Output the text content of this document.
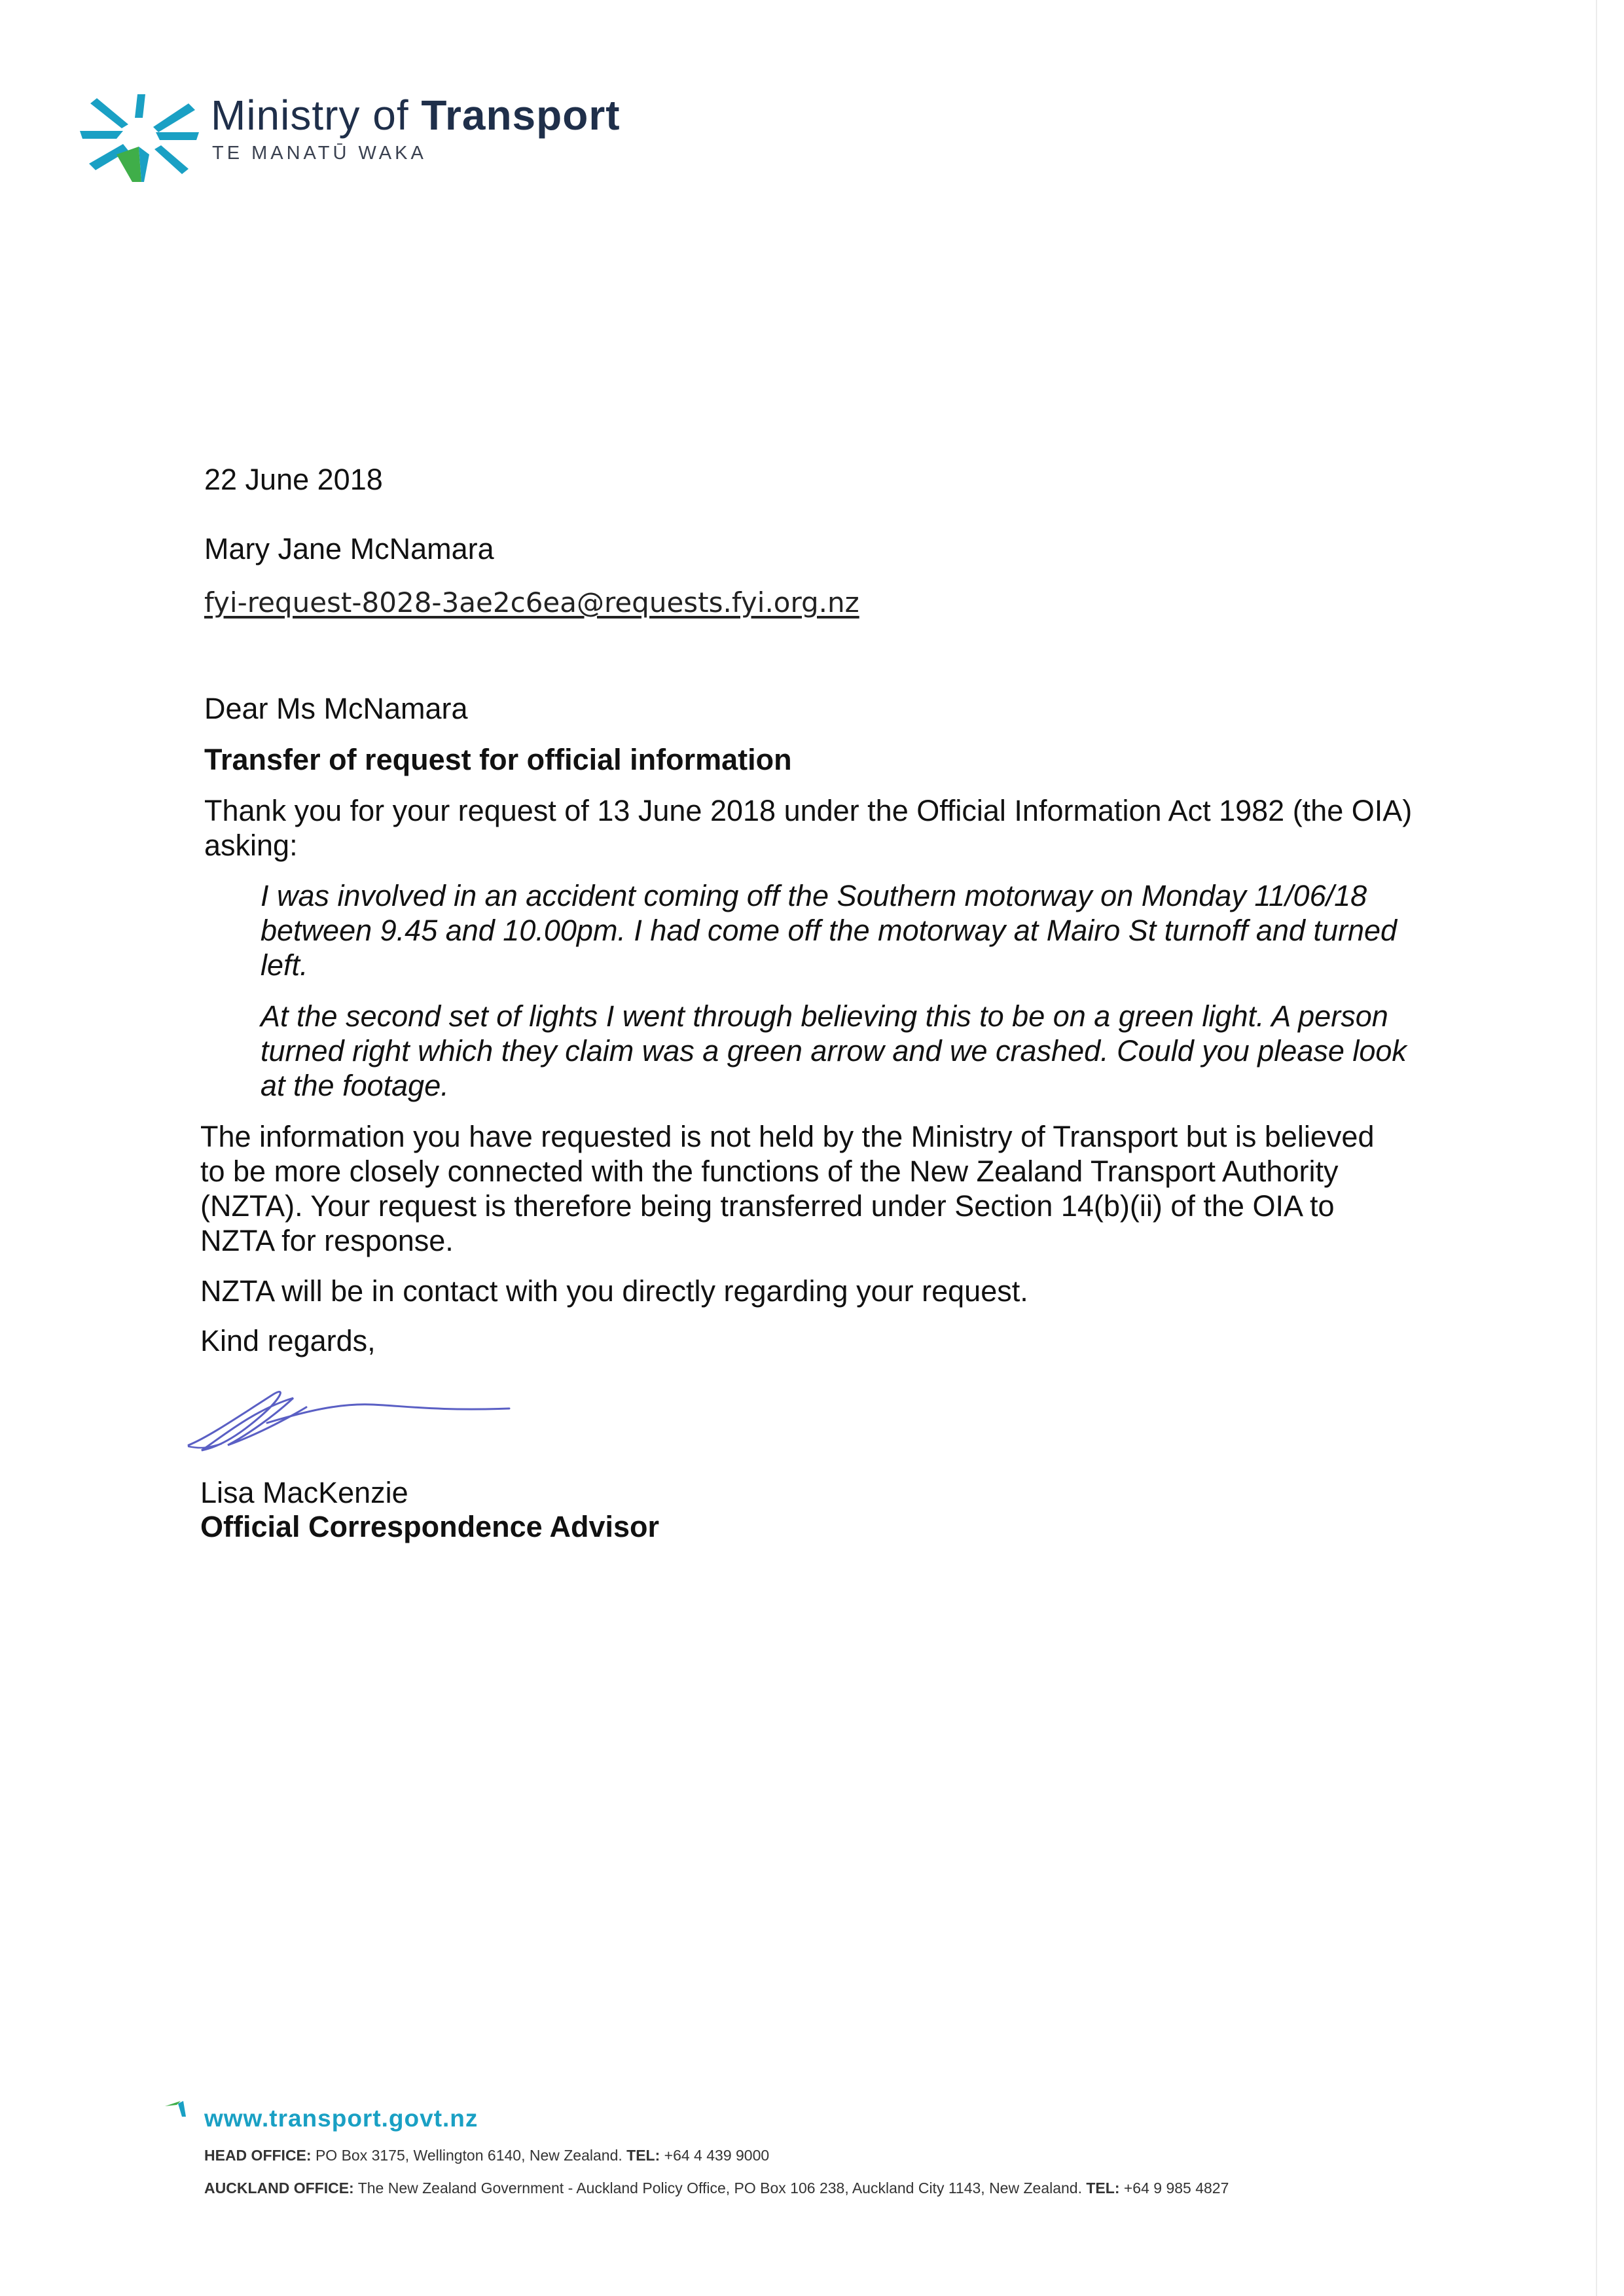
Ministry of Transport
TE MANATŪ WAKA
22 June 2018
Mary Jane McNamara
fyi-request-8028-3ae2c6ea@requests.fyi.org.nz
Dear Ms McNamara
Transfer of request for official information

Thank you for your request of 13 June 2018 under the Official Information Act 1982 (the OIA) asking:

I was involved in an accident coming off the Southern motorway on Monday 11/06/18 between 9.45 and 10.00pm. I had come off the motorway at Mairo St turnoff and turned left.

At the second set of lights I went through believing this to be on a green light. A person turned right which they claim was a green arrow and we crashed. Could you please look at the footage.

The information you have requested is not held by the Ministry of Transport but is believed to be more closely connected with the functions of the New Zealand Transport Authority (NZTA). Your request is therefore being transferred under Section 14(b)(ii) of the OIA to NZTA for response.

NZTA will be in contact with you directly regarding your request.

Kind regards,
Lisa MacKenzie
Official Correspondence Advisor
www.transport.govt.nz
HEAD OFFICE: PO Box 3175, Wellington 6140, New Zealand. TEL: +64 4 439 9000
AUCKLAND OFFICE: The New Zealand Government - Auckland Policy Office, PO Box 106 238, Auckland City 1143, New Zealand. TEL: +64 9 985 4827
